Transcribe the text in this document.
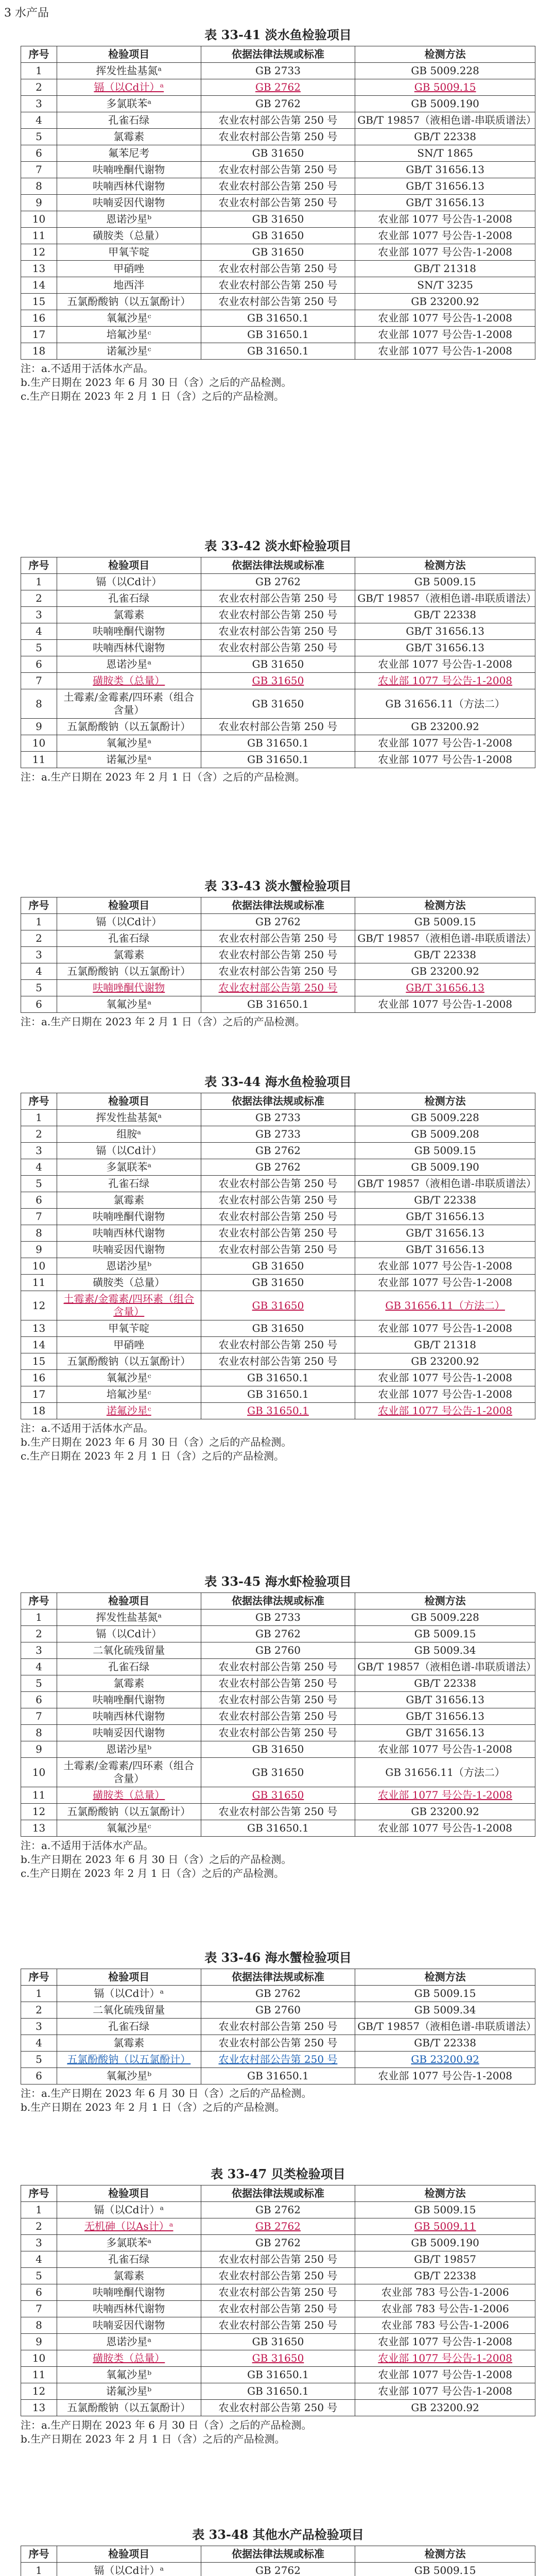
3 水产品
表 33-41 淡水鱼检验项目
序号	检验项目	依据法律法规或标准	检测方法
1	挥发性盐基氮ᵃ	GB 2733	GB 5009.228
2	镉（以Cd计）ᵃ	GB 2762	GB 5009.15
3	多氯联苯ᵃ	GB 2762	GB 5009.190
4	孔雀石绿	农业农村部公告第 250 号	GB/T 19857（液相色谱-串联质谱法）
5	氯霉素	农业农村部公告第 250 号	GB/T 22338
6	氟苯尼考	GB 31650	SN/T 1865
7	呋喃唑酮代谢物	农业农村部公告第 250 号	GB/T 31656.13
8	呋喃西林代谢物	农业农村部公告第 250 号	GB/T 31656.13
9	呋喃妥因代谢物	农业农村部公告第 250 号	GB/T 31656.13
10	恩诺沙星ᵇ	GB 31650	农业部 1077 号公告-1-2008
11	磺胺类（总量）	GB 31650	农业部 1077 号公告-1-2008
12	甲氧苄啶	GB 31650	农业部 1077 号公告-1-2008
13	甲硝唑	农业农村部公告第 250 号	GB/T 21318
14	地西泮	农业农村部公告第 250 号	SN/T 3235
15	五氯酚酸钠（以五氯酚计）	农业农村部公告第 250 号	GB 23200.92
16	氧氟沙星ᶜ	GB 31650.1	农业部 1077 号公告-1-2008
17	培氟沙星ᶜ	GB 31650.1	农业部 1077 号公告-1-2008
18	诺氟沙星ᶜ	GB 31650.1	农业部 1077 号公告-1-2008
注：a.不适用于活体水产品。
b.生产日期在 2023 年 6 月 30 日（含）之后的产品检测。
c.生产日期在 2023 年 2 月 1 日（含）之后的产品检测。
表 33-42 淡水虾检验项目
序号	检验项目	依据法律法规或标准	检测方法
1	镉（以Cd计）	GB 2762	GB 5009.15
2	孔雀石绿	农业农村部公告第 250 号	GB/T 19857（液相色谱-串联质谱法）
3	氯霉素	农业农村部公告第 250 号	GB/T 22338
4	呋喃唑酮代谢物	农业农村部公告第 250 号	GB/T 31656.13
5	呋喃西林代谢物	农业农村部公告第 250 号	GB/T 31656.13
6	恩诺沙星ᵃ	GB 31650	农业部 1077 号公告-1-2008
7	磺胺类（总量）	GB 31650	农业部 1077 号公告-1-2008
8	土霉素/金霉素/四环素（组合含量）	GB 31650	GB 31656.11（方法二）
9	五氯酚酸钠（以五氯酚计）	农业农村部公告第 250 号	GB 23200.92
10	氧氟沙星ᵃ	GB 31650.1	农业部 1077 号公告-1-2008
11	诺氟沙星ᵃ	GB 31650.1	农业部 1077 号公告-1-2008
注：a.生产日期在 2023 年 2 月 1 日（含）之后的产品检测。
表 33-43 淡水蟹检验项目
序号	检验项目	依据法律法规或标准	检测方法
1	镉（以Cd计）	GB 2762	GB 5009.15
2	孔雀石绿	农业农村部公告第 250 号	GB/T 19857（液相色谱-串联质谱法）
3	氯霉素	农业农村部公告第 250 号	GB/T 22338
4	五氯酚酸钠（以五氯酚计）	农业农村部公告第 250 号	GB 23200.92
5	呋喃唑酮代谢物	农业农村部公告第 250 号	GB/T 31656.13
6	氧氟沙星ᵃ	GB 31650.1	农业部 1077 号公告-1-2008
注：a.生产日期在 2023 年 2 月 1 日（含）之后的产品检测。
表 33-44 海水鱼检验项目
序号	检验项目	依据法律法规或标准	检测方法
1	挥发性盐基氮ᵃ	GB 2733	GB 5009.228
2	组胺ᵃ	GB 2733	GB 5009.208
3	镉（以Cd计）	GB 2762	GB 5009.15
4	多氯联苯ᵃ	GB 2762	GB 5009.190
5	孔雀石绿	农业农村部公告第 250 号	GB/T 19857（液相色谱-串联质谱法）
6	氯霉素	农业农村部公告第 250 号	GB/T 22338
7	呋喃唑酮代谢物	农业农村部公告第 250 号	GB/T 31656.13
8	呋喃西林代谢物	农业农村部公告第 250 号	GB/T 31656.13
9	呋喃妥因代谢物	农业农村部公告第 250 号	GB/T 31656.13
10	恩诺沙星ᵇ	GB 31650	农业部 1077 号公告-1-2008
11	磺胺类（总量）	GB 31650	农业部 1077 号公告-1-2008
12	土霉素/金霉素/四环素（组合含量）	GB 31650	GB 31656.11（方法二）
13	甲氧苄啶	GB 31650	农业部 1077 号公告-1-2008
14	甲硝唑	农业农村部公告第 250 号	GB/T 21318
15	五氯酚酸钠（以五氯酚计）	农业农村部公告第 250 号	GB 23200.92
16	氧氟沙星ᶜ	GB 31650.1	农业部 1077 号公告-1-2008
17	培氟沙星ᶜ	GB 31650.1	农业部 1077 号公告-1-2008
18	诺氟沙星ᶜ	GB 31650.1	农业部 1077 号公告-1-2008
注：a.不适用于活体水产品。
b.生产日期在 2023 年 6 月 30 日（含）之后的产品检测。
c.生产日期在 2023 年 2 月 1 日（含）之后的产品检测。
表 33-45 海水虾检验项目
序号	检验项目	依据法律法规或标准	检测方法
1	挥发性盐基氮ᵃ	GB 2733	GB 5009.228
2	镉（以Cd计）	GB 2762	GB 5009.15
3	二氧化硫残留量	GB 2760	GB 5009.34
4	孔雀石绿	农业农村部公告第 250 号	GB/T 19857（液相色谱-串联质谱法）
5	氯霉素	农业农村部公告第 250 号	GB/T 22338
6	呋喃唑酮代谢物	农业农村部公告第 250 号	GB/T 31656.13
7	呋喃西林代谢物	农业农村部公告第 250 号	GB/T 31656.13
8	呋喃妥因代谢物	农业农村部公告第 250 号	GB/T 31656.13
9	恩诺沙星ᵇ	GB 31650	农业部 1077 号公告-1-2008
10	土霉素/金霉素/四环素（组合含量）	GB 31650	GB 31656.11（方法二）
11	磺胺类（总量）	GB 31650	农业部 1077 号公告-1-2008
12	五氯酚酸钠（以五氯酚计）	农业农村部公告第 250 号	GB 23200.92
13	氧氟沙星ᶜ	GB 31650.1	农业部 1077 号公告-1-2008
注：a.不适用于活体水产品。
b.生产日期在 2023 年 6 月 30 日（含）之后的产品检测。
c.生产日期在 2023 年 2 月 1 日（含）之后的产品检测。
表 33-46 海水蟹检验项目
序号	检验项目	依据法律法规或标准	检测方法
1	镉（以Cd计）ᵃ	GB 2762	GB 5009.15
2	二氧化硫残留量	GB 2760	GB 5009.34
3	孔雀石绿	农业农村部公告第 250 号	GB/T 19857（液相色谱-串联质谱法）
4	氯霉素	农业农村部公告第 250 号	GB/T 22338
5	五氯酚酸钠（以五氯酚计）	农业农村部公告第 250 号	GB 23200.92
6	氧氟沙星ᵇ	GB 31650.1	农业部 1077 号公告-1-2008
注：a.生产日期在 2023 年 6 月 30 日（含）之后的产品检测。
b.生产日期在 2023 年 2 月 1 日（含）之后的产品检测。
表 33-47 贝类检验项目
序号	检验项目	依据法律法规或标准	检测方法
1	镉（以Cd计）ᵃ	GB 2762	GB 5009.15
2	无机砷（以As计）ᵃ	GB 2762	GB 5009.11
3	多氯联苯ᵃ	GB 2762	GB 5009.190
4	孔雀石绿	农业农村部公告第 250 号	GB/T 19857
5	氯霉素	农业农村部公告第 250 号	GB/T 22338
6	呋喃唑酮代谢物	农业农村部公告第 250 号	农业部 783 号公告-1-2006
7	呋喃西林代谢物	农业农村部公告第 250 号	农业部 783 号公告-1-2006
8	呋喃妥因代谢物	农业农村部公告第 250 号	农业部 783 号公告-1-2006
9	恩诺沙星ᵃ	GB 31650	农业部 1077 号公告-1-2008
10	磺胺类（总量）	GB 31650	农业部 1077 号公告-1-2008
11	氧氟沙星ᵇ	GB 31650.1	农业部 1077 号公告-1-2008
12	诺氟沙星ᵇ	GB 31650.1	农业部 1077 号公告-1-2008
13	五氯酚酸钠（以五氯酚计）	农业农村部公告第 250 号	GB 23200.92
注：a.生产日期在 2023 年 6 月 30 日（含）之后的产品检测。
b.生产日期在 2023 年 2 月 1 日（含）之后的产品检测。
表 33-48 其他水产品检验项目
序号	检验项目	依据法律法规或标准	检测方法
1	镉（以Cd计）ᵃ	GB 2762	GB 5009.15
